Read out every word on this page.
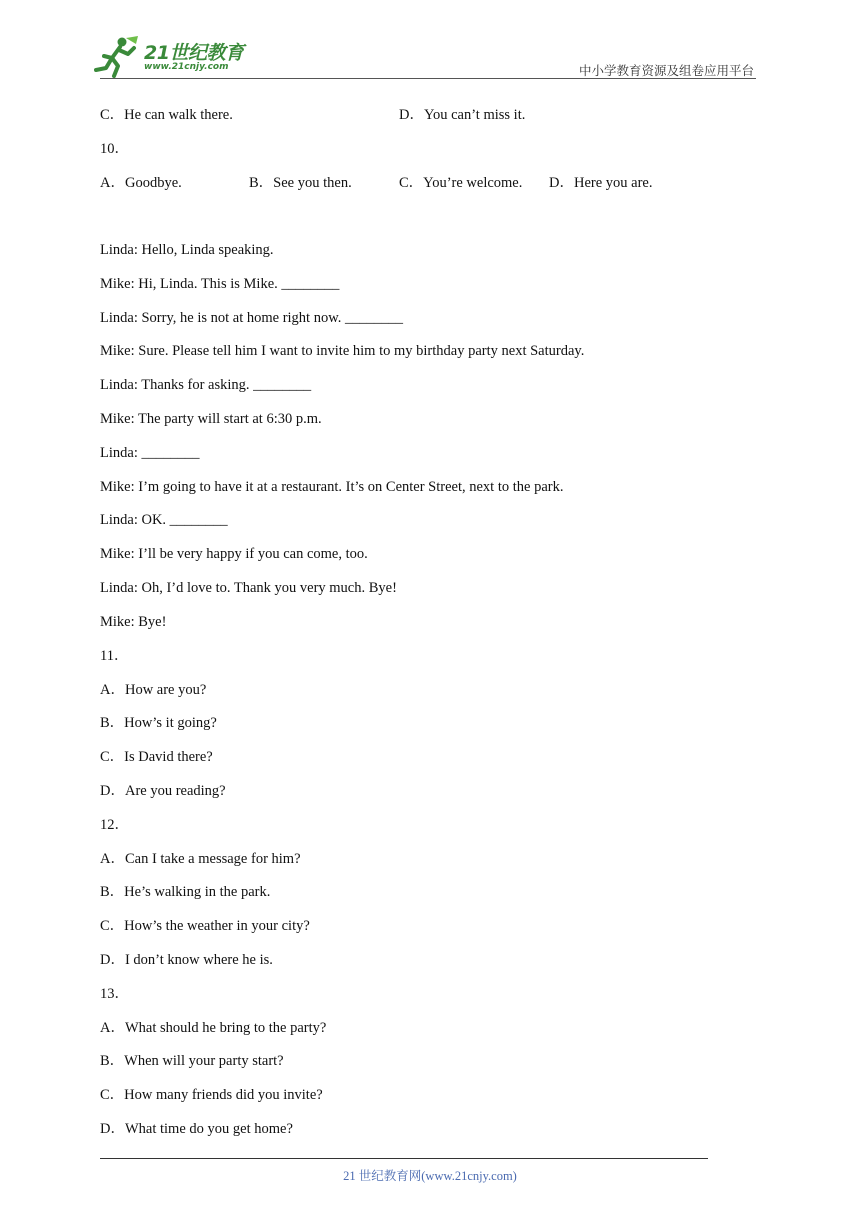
21世纪教育
www.21cnjy.com	中小学教育资源及组卷应用平台
C．He can walk there.	D．You can’t miss it.
10．
A．Goodbye.	B．See you then.	C．You’re welcome. D．Here you are.
Linda: Hello, Linda speaking.
Mike: Hi, Linda. This is Mike. ________
Linda: Sorry, he is not at home right now. ________
Mike: Sure. Please tell him I want to invite him to my birthday party next Saturday.
Linda: Thanks for asking. ________
Mike: The party will start at 6:30 p.m.
Linda: ________
Mike: I’m going to have it at a restaurant. It’s on Center Street, next to the park.
Linda: OK. ________
Mike: I’ll be very happy if you can come, too.
Linda: Oh, I’d love to. Thank you very much. Bye!
Mike: Bye!
11．
A．How are you?
B．How’s it going?
C．Is David there?
D．Are you reading?
12．
A．Can I take a message for him?
B．He’s walking in the park.
C．How’s the weather in your city?
D．I don’t know where he is.
13．
A．What should he bring to the party?
B．When will your party start?
C．How many friends did you invite?
D．What time do you get home?
21 世纪教育网(www.21cnjy.com)
